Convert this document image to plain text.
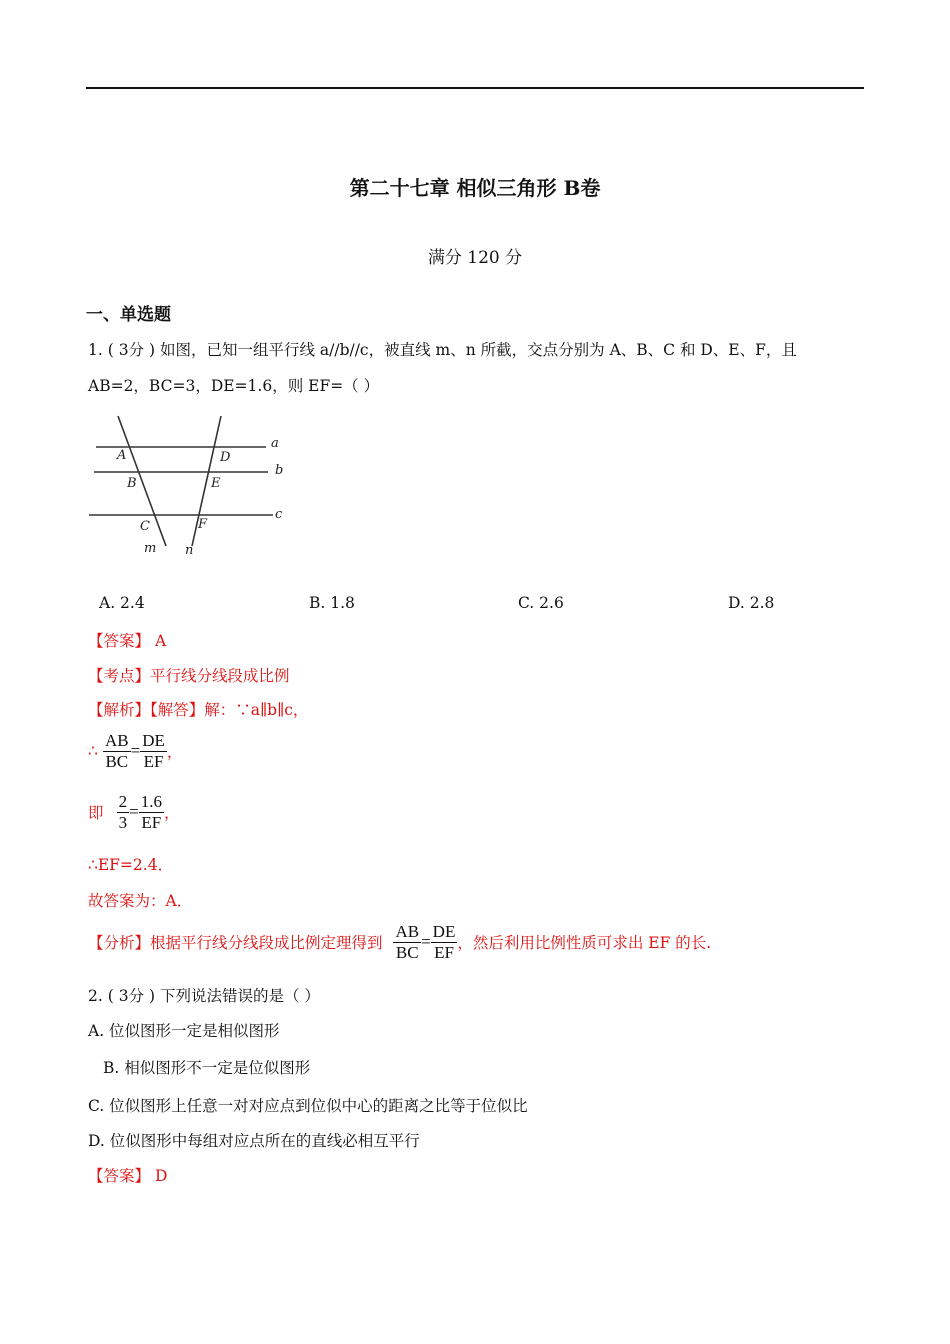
第二十七章 相似三角形 B卷
满分 120 分
一、单选题
1. ( 3分 ) 如图，已知一组平行线 a//b//c，被直线 m、n 所截，交点分别为 A、B、C 和 D、E、F，且
AB=2，BC=3，DE=1.6，则 EF=（ ）
a
b
c
A
B
C
D
E
F
m n
A. 2.4	B. 1.8	C. 2.6	D. 2.8
【答案】 A
【考点】平行线分线段成比例
【解析】【解答】解：∵a∥b∥c，
∴ $\frac{AB}{BC} = \frac{DE}{EF}$ ，
即 $\frac{2}{3} = \frac{1.6}{EF}$ ，
∴EF=2.4．
故答案为：A．
【分析】根据平行线分线段成比例定理得到 $\frac{AB}{BC} = \frac{DE}{EF}$ ，然后利用比例性质可求出 EF 的长.
2. ( 3分 ) 下列说法错误的是（ ）
A. 位似图形一定是相似图形
B. 相似图形不一定是位似图形
C. 位似图形上任意一对对应点到位似中心的距离之比等于位似比
D. 位似图形中每组对应点所在的直线必相互平行
【答案】 D
